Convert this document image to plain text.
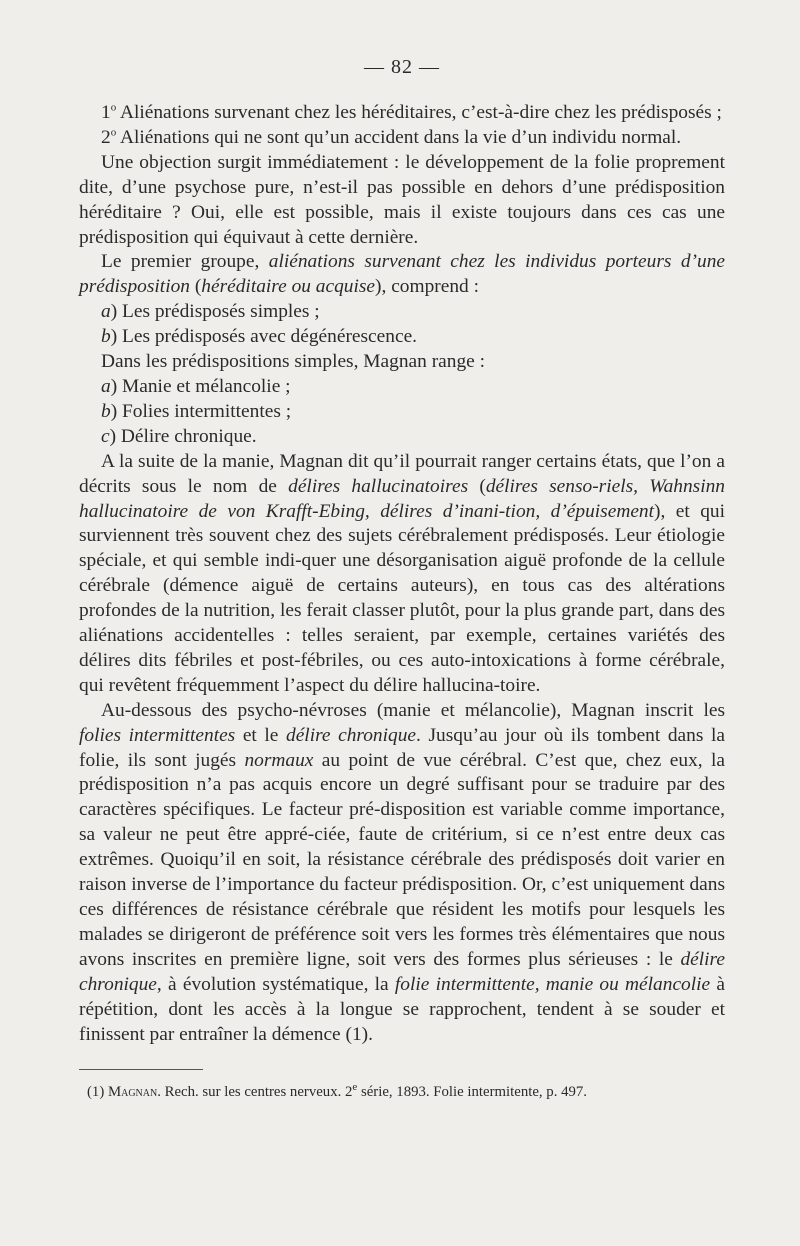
— 82 —

1$^o$ Aliénations survenant chez les héréditaires, c’est-à-dire chez les prédisposés ;

2$^o$ Aliénations qui ne sont qu’un accident dans la vie d’un individu normal.

Une objection surgit immédiatement : le développement de la folie proprement dite, d’une psychose pure, n’est-il pas possible en dehors d’une prédisposition héréditaire ? Oui, elle est possible, mais il existe toujours dans ces cas une prédisposition qui équivaut à cette dernière.

Le premier groupe, aliénations survenant chez les individus porteurs d’une prédisposition (héréditaire ou acquise), comprend :

a) Les prédisposés simples ;

b) Les prédisposés avec dégénérescence.

Dans les prédispositions simples, Magnan range :

a) Manie et mélancolie ;

b) Folies intermittentes ;

c) Délire chronique.

A la suite de la manie, Magnan dit qu’il pourrait ranger certains états, que l’on a décrits sous le nom de délires hallucinatoires (délires senso-riels, Wahnsinn hallucinatoire de von Krafft-Ebing, délires d’inani-tion, d’épuisement), et qui surviennent très souvent chez des sujets cérébralement prédisposés. Leur étiologie spéciale, et qui semble indi-quer une désorganisation aiguë profonde de la cellule cérébrale (démence aiguë de certains auteurs), en tous cas des altérations profondes de la nutrition, les ferait classer plutôt, pour la plus grande part, dans des aliénations accidentelles : telles seraient, par exemple, certaines variétés des délires dits fébriles et post-fébriles, ou ces auto-intoxications à forme cérébrale, qui revêtent fréquemment l’aspect du délire hallucina-toire.

Au-dessous des psycho-névroses (manie et mélancolie), Magnan inscrit les folies intermittentes et le délire chronique. Jusqu’au jour où ils tombent dans la folie, ils sont jugés normaux au point de vue cérébral. C’est que, chez eux, la prédisposition n’a pas acquis encore un degré suffisant pour se traduire par des caractères spécifiques. Le facteur pré-disposition est variable comme importance, sa valeur ne peut être appré-ciée, faute de critérium, si ce n’est entre deux cas extrêmes. Quoiqu’il en soit, la résistance cérébrale des prédisposés doit varier en raison inverse de l’importance du facteur prédisposition. Or, c’est uniquement dans ces différences de résistance cérébrale que résident les motifs pour lesquels les malades se dirigeront de préférence soit vers les formes très élémentaires que nous avons inscrites en première ligne, soit vers des formes plus sérieuses : le délire chronique, à évolution systématique, la folie intermittente, manie ou mélancolie à répétition, dont les accès à la longue se rapprochent, tendent à se souder et finissent par entraîner la démence (1).

(1) Magnan. Rech. sur les centres nerveux. 2e série, 1893. Folie intermitente, p. 497.
